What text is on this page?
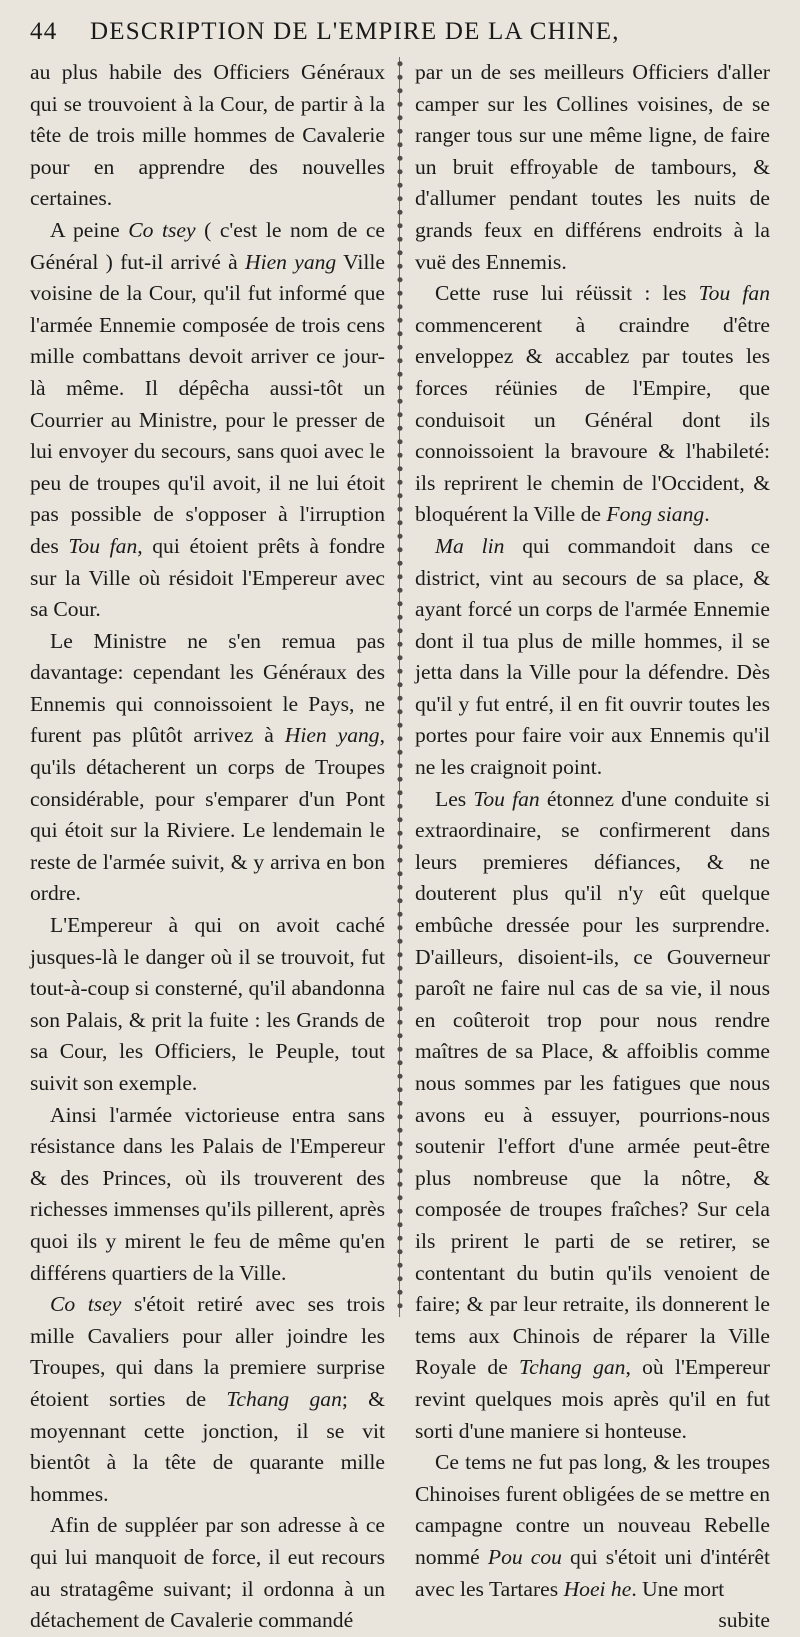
44 DESCRIPTION DE L'EMPIRE DE LA CHINE,

au plus habile des Officiers Généraux qui se trouvoient à la Cour, de partir à la tête de trois mille hommes de Cavalerie pour en apprendre des nouvelles certaines.

A peine Co tsey ( c'est le nom de ce Général ) fut-il arrivé à Hien yang Ville voisine de la Cour, qu'il fut informé que l'armée Ennemie composée de trois cens mille combattans devoit arriver ce jour-là même. Il dépêcha aussi-tôt un Courrier au Ministre, pour le presser de lui envoyer du secours, sans quoi avec le peu de troupes qu'il avoit, il ne lui étoit pas possible de s'opposer à l'irruption des Tou fan, qui étoient prêts à fondre sur la Ville où résidoit l'Empereur avec sa Cour.

Le Ministre ne s'en remua pas davantage: cependant les Généraux des Ennemis qui connoissoient le Pays, ne furent pas plûtôt arrivez à Hien yang, qu'ils détacherent un corps de Troupes considérable, pour s'emparer d'un Pont qui étoit sur la Riviere. Le lendemain le reste de l'armée suivit, & y arriva en bon ordre.

L'Empereur à qui on avoit caché jusques-là le danger où il se trouvoit, fut tout-à-coup si consterné, qu'il abandonna son Palais, & prit la fuite : les Grands de sa Cour, les Officiers, le Peuple, tout suivit son exemple.

Ainsi l'armée victorieuse entra sans résistance dans les Palais de l'Empereur & des Princes, où ils trouverent des richesses immenses qu'ils pillerent, après quoi ils y mirent le feu de même qu'en différens quartiers de la Ville.

Co tsey s'étoit retiré avec ses trois mille Cavaliers pour aller joindre les Troupes, qui dans la premiere surprise étoient sorties de Tchang gan; & moyennant cette jonction, il se vit bientôt à la tête de quarante mille hommes.

Afin de suppléer par son adresse à ce qui lui manquoit de force, il eut recours au stratagême suivant; il ordonna à un détachement de Cavalerie commandé

par un de ses meilleurs Officiers d'aller camper sur les Collines voisines, de se ranger tous sur une même ligne, de faire un bruit effroyable de tambours, & d'allumer pendant toutes les nuits de grands feux en différens endroits à la vuë des Ennemis.

Cette ruse lui réüssit : les Tou fan commencerent à craindre d'être enveloppez & accablez par toutes les forces réünies de l'Empire, que conduisoit un Général dont ils connoissoient la bravoure & l'habileté: ils reprirent le chemin de l'Occident, & bloquérent la Ville de Fong siang.

Ma lin qui commandoit dans ce district, vint au secours de sa place, & ayant forcé un corps de l'armée Ennemie dont il tua plus de mille hommes, il se jetta dans la Ville pour la défendre. Dès qu'il y fut entré, il en fit ouvrir toutes les portes pour faire voir aux Ennemis qu'il ne les craignoit point.

Les Tou fan étonnez d'une conduite si extraordinaire, se confirmerent dans leurs premieres défiances, & ne douterent plus qu'il n'y eût quelque embûche dressée pour les surprendre. D'ailleurs, disoient-ils, ce Gouverneur paroît ne faire nul cas de sa vie, il nous en coûteroit trop pour nous rendre maîtres de sa Place, & affoiblis comme nous sommes par les fatigues que nous avons eu à essuyer, pourrions-nous soutenir l'effort d'une armée peut-être plus nombreuse que la nôtre, & composée de troupes fraîches? Sur cela ils prirent le parti de se retirer, se contentant du butin qu'ils venoient de faire; & par leur retraite, ils donnerent le tems aux Chinois de réparer la Ville Royale de Tchang gan, où l'Empereur revint quelques mois après qu'il en fut sorti d'une maniere si honteuse.

Ce tems ne fut pas long, & les troupes Chinoises furent obligées de se mettre en campagne contre un nouveau Rebelle nommé Pou cou qui s'étoit uni d'intérêt avec les Tartares Hoei he. Une mort

subite
